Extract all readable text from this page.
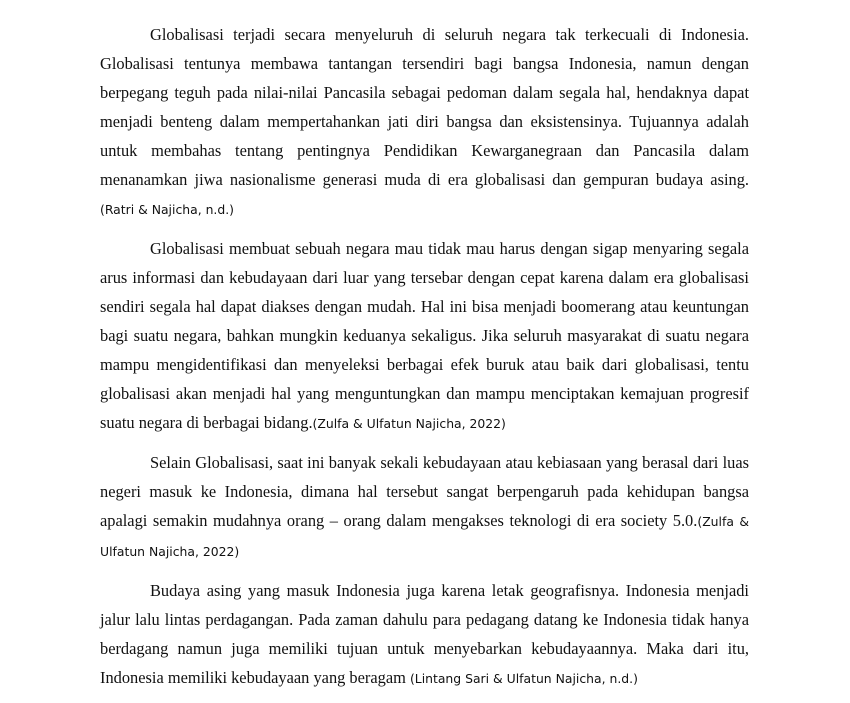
Globalisasi terjadi secara menyeluruh di seluruh negara tak terkecuali di Indonesia. Globalisasi tentunya membawa tantangan tersendiri bagi bangsa Indonesia, namun dengan berpegang teguh pada nilai-nilai Pancasila sebagai pedoman dalam segala hal, hendaknya dapat menjadi benteng dalam mempertahankan jati diri bangsa dan eksistensinya. Tujuannya adalah untuk membahas tentang pentingnya Pendidikan Kewarganegraan dan Pancasila dalam menanamkan jiwa nasionalisme generasi muda di era globalisasi dan gempuran budaya asing. (Ratri & Najicha, n.d.)

Globalisasi membuat sebuah negara mau tidak mau harus dengan sigap menyaring segala arus informasi dan kebudayaan dari luar yang tersebar dengan cepat karena dalam era globalisasi sendiri segala hal dapat diakses dengan mudah. Hal ini bisa menjadi boomerang atau keuntungan bagi suatu negara, bahkan mungkin keduanya sekaligus. Jika seluruh masyarakat di suatu negara mampu mengidentifikasi dan menyeleksi berbagai efek buruk atau baik dari globalisasi, tentu globalisasi akan menjadi hal yang menguntungkan dan mampu menciptakan kemajuan progresif suatu negara di berbagai bidang.(Zulfa & Ulfatun Najicha, 2022)

Selain Globalisasi, saat ini banyak sekali kebudayaan atau kebiasaan yang berasal dari luas negeri masuk ke Indonesia, dimana hal tersebut sangat berpengaruh pada kehidupan bangsa apalagi semakin mudahnya orang – orang dalam mengakses teknologi di era society 5.0.(Zulfa & Ulfatun Najicha, 2022)

Budaya asing yang masuk Indonesia juga karena letak geografisnya. Indonesia menjadi jalur lalu lintas perdagangan. Pada zaman dahulu para pedagang datang ke Indonesia tidak hanya berdagang namun juga memiliki tujuan untuk menyebarkan kebudayaannya. Maka dari itu, Indonesia memiliki kebudayaan yang beragam (Lintang Sari & Ulfatun Najicha, n.d.)
